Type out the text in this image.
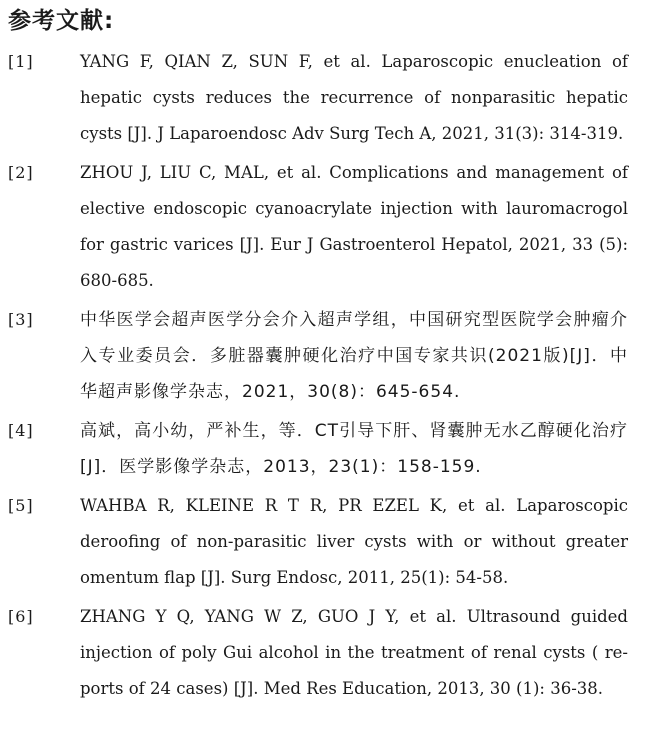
参考文献:
[1]	YANG F, QIAN Z, SUN F, et al. Laparoscopic enucleation of hepatic cysts reduces the recurrence of nonparasitic hepatic cysts [J]. J Laparoendosc Adv Surg Tech A, 2021, 31(3): 314-319.
[2]	ZHOU J, LIU C, MAL, et al. Complications and management of elective endoscopic cyanoacrylate injection with lauromacrogol for gastric varices [J]. Eur J Gastroenterol Hepatol, 2021, 33 (5): 680-685.
[3]	中华医学会超声医学分会介入超声学组，中国研究型医院学会肿瘤介入专业委员会．多脏器囊肿硬化治疗中国专家共识(2021版)[J]．中华超声影像学杂志，2021，30(8)：645-654.
[4]	高斌，高小幼，严补生，等．CT引导下肝、肾囊肿无水乙醇硬化治疗[J]．医学影像学杂志，2013，23(1)：158-159.
[5]	WAHBA R, KLEINE R T R, PR EZEL K, et al. Laparoscopic deroofing of non-parasitic liver cysts with or without greater omentum flap [J]. Surg Endosc, 2011, 25(1): 54-58.
[6]	ZHANG Y Q, YANG W Z, GUO J Y, et al. Ultrasound guided injection of poly Gui alcohol in the treatment of renal cysts ( re-ports of 24 cases) [J]. Med Res Education, 2013, 30 (1): 36-38.
